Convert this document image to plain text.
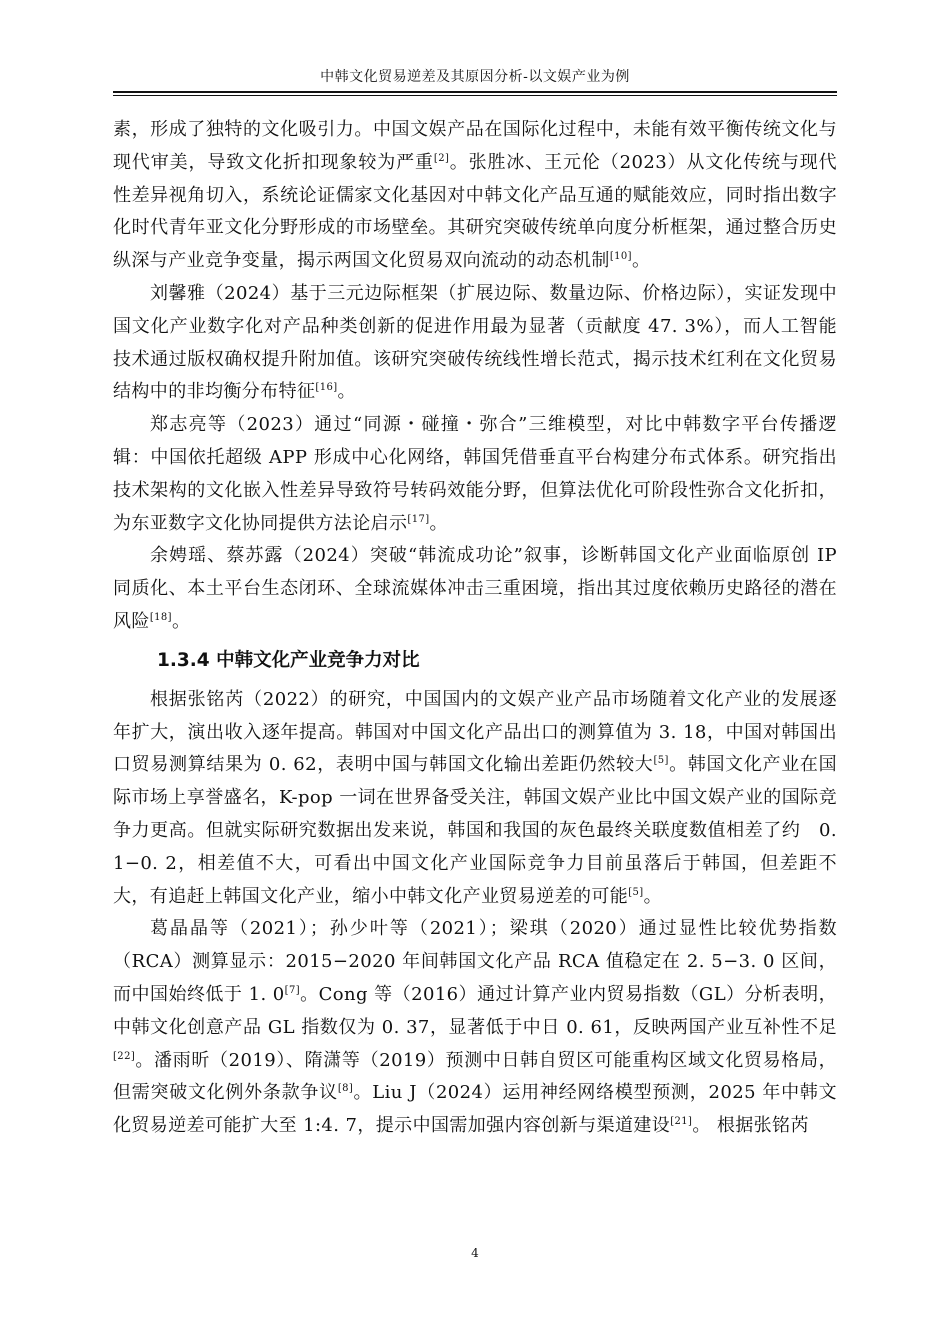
中韩文化贸易逆差及其原因分析-以文娱产业为例

素，形成了独特的文化吸引力。中国文娱产品在国际化过程中，未能有效平衡传统文化与现代审美，导致文化折扣现象较为严重[2]。张胜冰、王元伦（2023）从文化传统与现代性差异视角切入，系统论证儒家文化基因对中韩文化产品互通的赋能效应，同时指出数字化时代青年亚文化分野形成的市场壁垒。其研究突破传统单向度分析框架，通过整合历史纵深与产业竞争变量，揭示两国文化贸易双向流动的动态机制[10]。

刘馨雅（2024）基于三元边际框架（扩展边际、数量边际、价格边际），实证发现中国文化产业数字化对产品种类创新的促进作用最为显著（贡献度 47. 3%），而人工智能技术通过版权确权提升附加值。该研究突破传统线性增长范式，揭示技术红利在文化贸易结构中的非均衡分布特征[16]。

郑志亮等（2023）通过“同源・碰撞・弥合”三维模型，对比中韩数字平台传播逻辑：中国依托超级 APP 形成中心化网络，韩国凭借垂直平台构建分布式体系。研究指出技术架构的文化嵌入性差异导致符号转码效能分野，但算法优化可阶段性弥合文化折扣，为东亚数字文化协同提供方法论启示[17]。

余娉瑶、蔡苏露（2024）突破“韩流成功论”叙事，诊断韩国文化产业面临原创 IP 同质化、本土平台生态闭环、全球流媒体冲击三重困境，指出其过度依赖历史路径的潜在风险[18]。

1.3.4 中韩文化产业竞争力对比

根据张铭芮（2022）的研究，中国国内的文娱产业产品市场随着文化产业的发展逐年扩大，演出收入逐年提高。韩国对中国文化产品出口的测算值为 3. 18，中国对韩国出口贸易测算结果为 0. 62，表明中国与韩国文化输出差距仍然较大[5]。韩国文化产业在国际市场上享誉盛名，K-pop 一词在世界备受关注，韩国文娱产业比中国文娱产业的国际竞争力更高。但就实际研究数据出发来说，韩国和我国的灰色最终关联度数值相差了约　0. 1−0. 2，相差值不大，可看出中国文化产业国际竞争力目前虽落后于韩国，但差距不大，有追赶上韩国文化产业，缩小中韩文化产业贸易逆差的可能[5]。

葛晶晶等（2021）；孙少叶等（2021）；梁琪（2020）通过显性比较优势指数（RCA）测算显示：2015−2020 年间韩国文化产品 RCA 值稳定在 2. 5−3. 0 区间，而中国始终低于 1. 0[7]。Cong 等（2016）通过计算产业内贸易指数（GL）分析表明，中韩文化创意产品 GL 指数仅为 0. 37，显著低于中日 0. 61，反映两国产业互补性不足[22]。潘雨昕（2019）、隋潇等（2019）预测中日韩自贸区可能重构区域文化贸易格局，但需突破文化例外条款争议[8]。Liu J（2024）运用神经网络模型预测，2025 年中韩文化贸易逆差可能扩大至 1:4. 7，提示中国需加强内容创新与渠道建设[21]。 根据张铭芮

4
